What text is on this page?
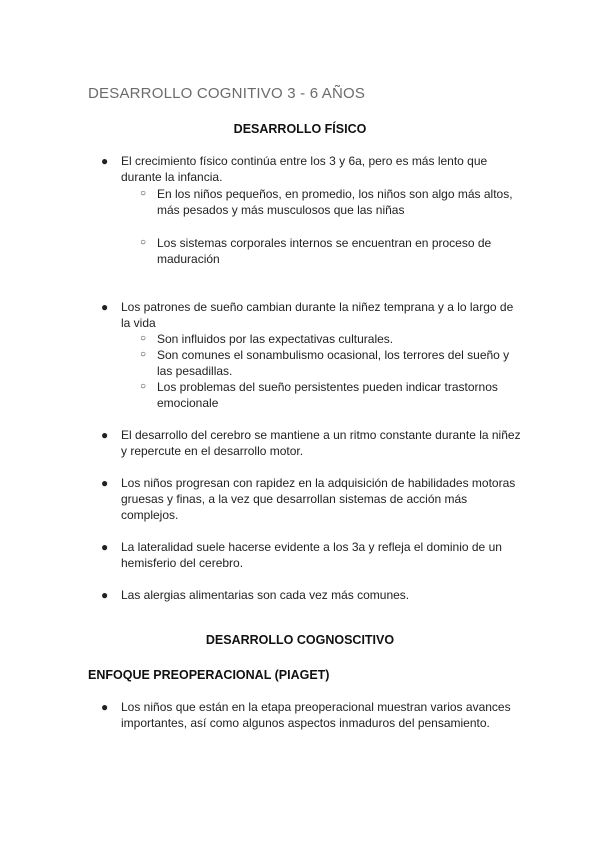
DESARROLLO COGNITIVO 3 - 6 AÑOS
DESARROLLO FÍSICO
● El crecimiento físico continúa entre los 3 y 6a, pero es más lento que durante la infancia.
○ En los niños pequeños, en promedio, los niños son algo más altos, más pesados y más musculosos que las niñas
○ Los sistemas corporales internos se encuentran en proceso de maduración
● Los patrones de sueño cambian durante la niñez temprana y a lo largo de la vida
○ Son influidos por las expectativas culturales.
○ Son comunes el sonambulismo ocasional, los terrores del sueño y las pesadillas.
○ Los problemas del sueño persistentes pueden indicar trastornos emocionale
● El desarrollo del cerebro se mantiene a un ritmo constante durante la niñez y repercute en el desarrollo motor.
● Los niños progresan con rapidez en la adquisición de habilidades motoras gruesas y finas, a la vez que desarrollan sistemas de acción más complejos.
● La lateralidad suele hacerse evidente a los 3a y refleja el dominio de un hemisferio del cerebro.
● Las alergias alimentarias son cada vez más comunes.
DESARROLLO COGNOSCITIVO
ENFOQUE PREOPERACIONAL (PIAGET)
● Los niños que están en la etapa preoperacional muestran varios avances importantes, así como algunos aspectos inmaduros del pensamiento.
